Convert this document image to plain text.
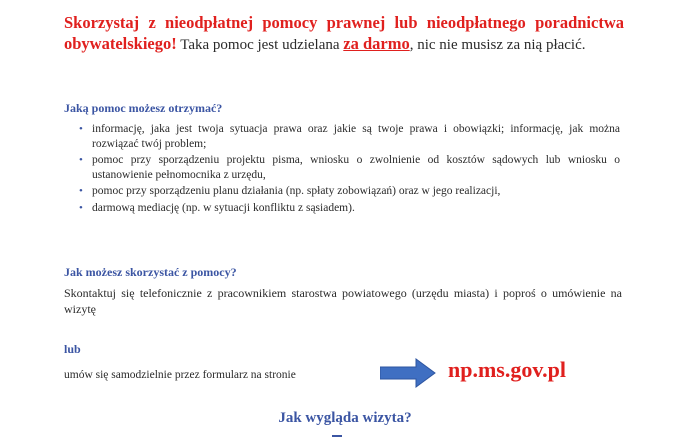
Skorzystaj z nieodpłatnej pomocy prawnej lub nieodpłatnego poradnictwa obywatelskiego! Taka pomoc jest udzielana za darmo, nic nie musisz za nią płacić.
Jaką pomoc możesz otrzymać?
• informację, jaka jest twoja sytuacja prawa oraz jakie są twoje prawa i obowiązki; informację, jak można rozwiązać twój problem;
• pomoc przy sporządzeniu projektu pisma, wniosku o zwolnienie od kosztów sądowych lub wniosku o ustanowienie pełnomocnika z urzędu,
• pomoc przy sporządzeniu planu działania (np. spłaty zobowiązań) oraz w jego realizacji,
• darmową mediację (np. w sytuacji konfliktu z sąsiadem).
Jak możesz skorzystać z pomocy?
Skontaktuj się telefonicznie z pracownikiem starostwa powiatowego (urzędu miasta) i poproś o umówienie na wizytę
lub
umów się samodzielnie przez formularz na stronie	np.ms.gov.pl
Jak wygląda wizyta?
